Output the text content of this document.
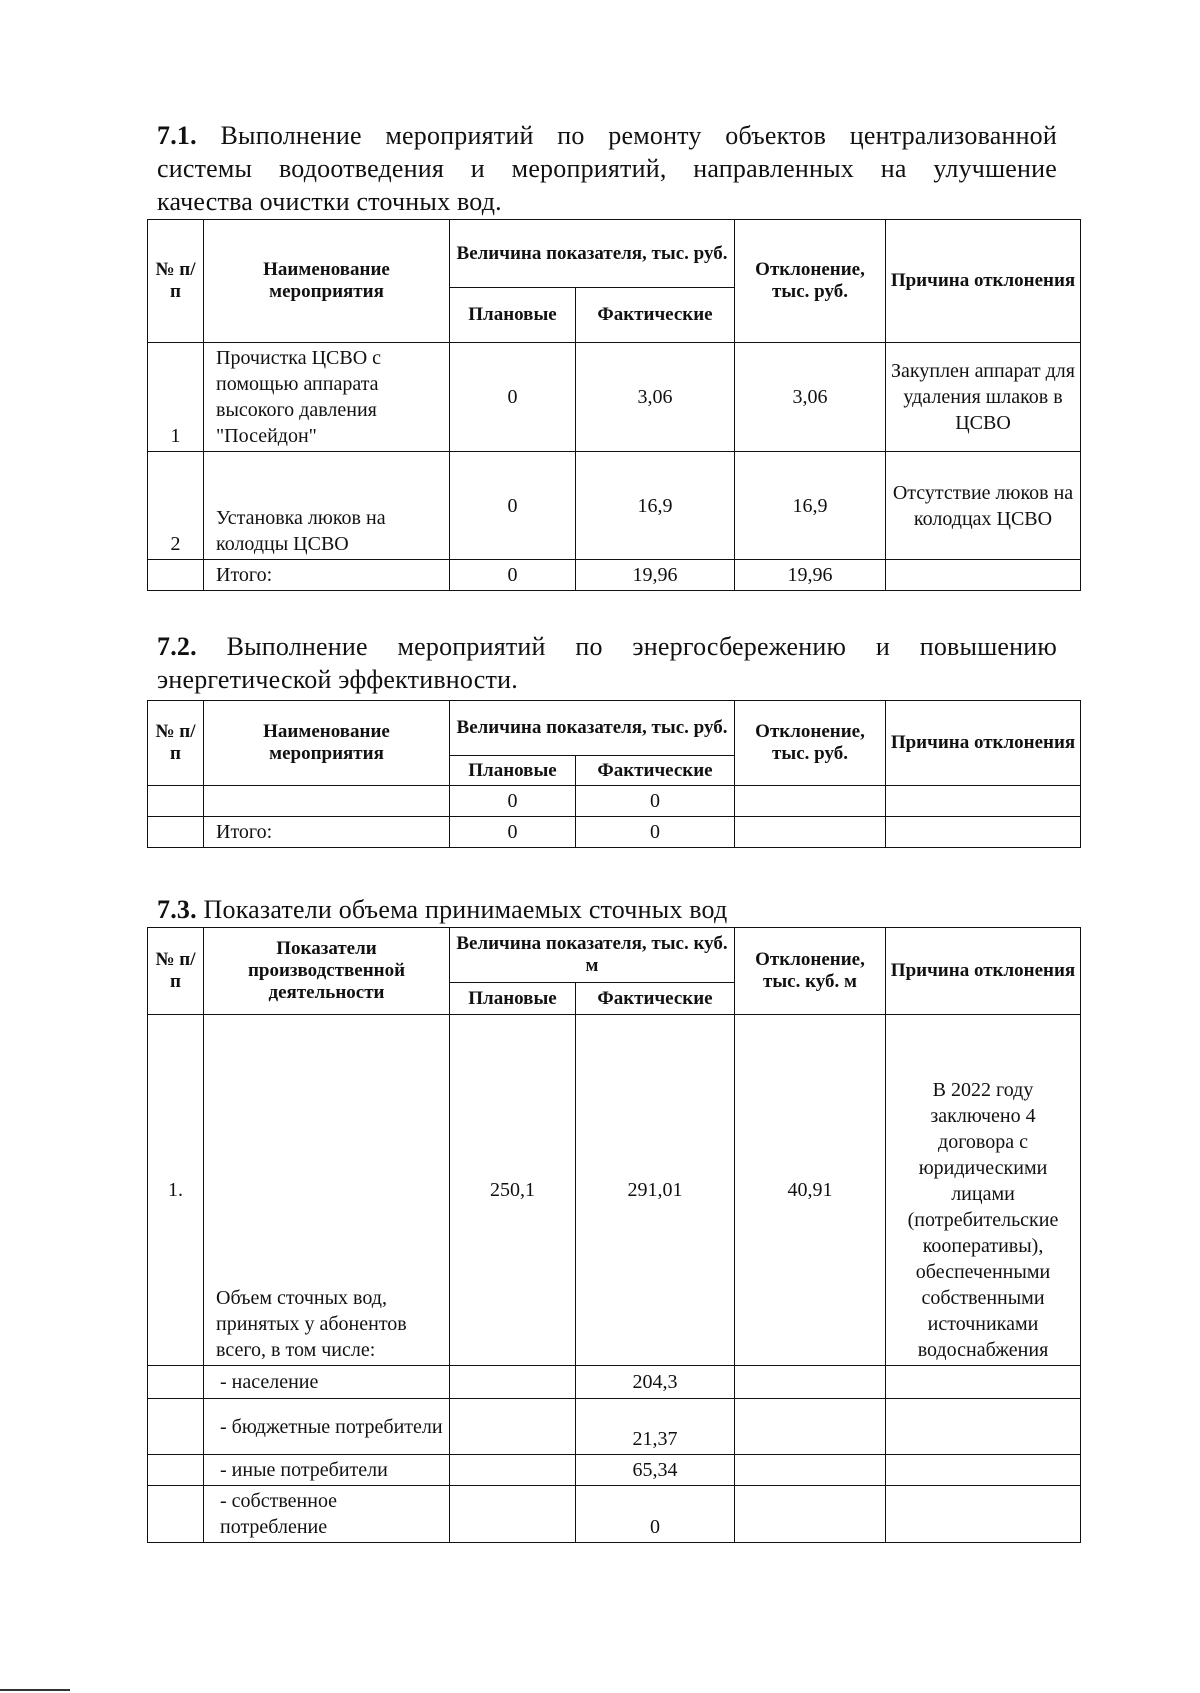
7.1. Выполнение мероприятий по ремонту объектов централизованной
системы водоотведения и мероприятий, направленных на улучшение
качества очистки сточных вод.
№ п/п	Наименование мероприятия	Величина показателя, тыс. руб.		Отклонение, тыс. руб.	Причина отклонения
		Плановые	Фактические		
1	Прочистка ЦСВО с помощью аппарата высокого давления "Посейдон"	0	3,06	3,06	Закуплен аппарат для удаления шлаков в ЦСВО
2	Установка люков на колодцы ЦСВО	0	16,9	16,9	Отсутствие люков на колодцах ЦСВО
	Итого:	0	19,96	19,96	
7.2. Выполнение мероприятий по энергосбережению и повышению
энергетической эффективности.
№ п/п	Наименование мероприятия	Величина показателя, тыс. руб.		Отклонение, тыс. руб.	Причина отклонения
		Плановые	Фактические		
		0	0		
	Итого:	0	0		
7.3. Показатели объема принимаемых сточных вод
№ п/п	Показатели производственной деятельности	Величина показателя, тыс. куб. м		Отклонение, тыс. куб. м	Причина отклонения
		Плановые	Фактические		
1.	Объем сточных вод, принятых у абонентов всего, в том числе:	250,1	291,01	40,91	В 2022 году заключено 4 договора с юридическими лицами (потребительские кооперативы), обеспеченными собственными источниками водоснабжения
	- население		204,3		
	- бюджетные потребители		21,37		
	- иные потребители		65,34		
	- собственное потребление		0		
